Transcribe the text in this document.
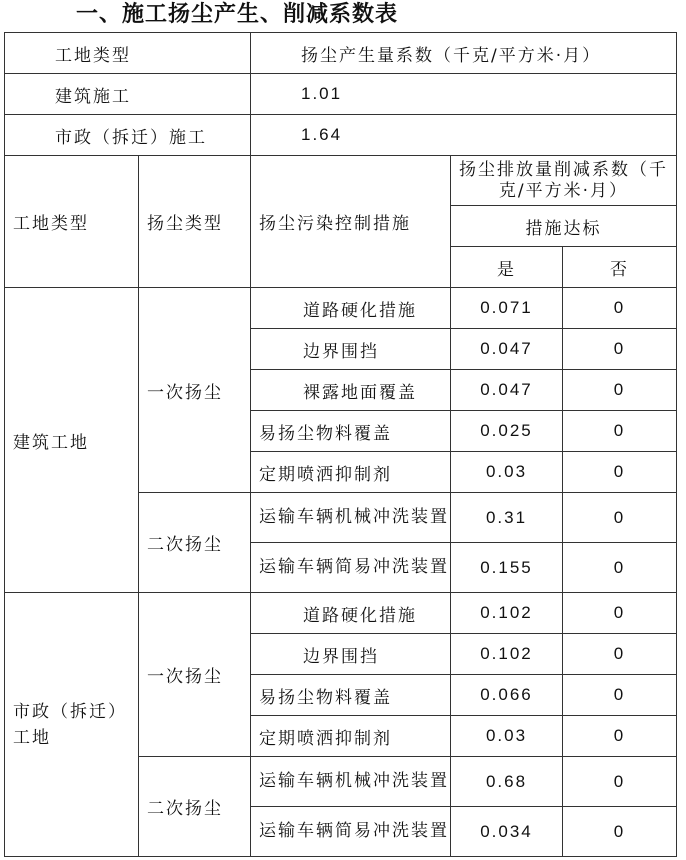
一、施工扬尘产生、削减系数表
工地类型		扬尘产生量系数（千克/平方米·月）		
建筑施工		1.01		
市政（拆迁）施工		1.64		
工地类型	扬尘类型	扬尘污染控制措施	扬尘排放量削减系数（千克/平方米·月）	
			措施达标	
			是	否
建筑工地	一次扬尘	道路硬化措施	0.071	0
		边界围挡	0.047	0
		裸露地面覆盖	0.047	0
		易扬尘物料覆盖	0.025	0
		定期喷洒抑制剂	0.03	0
	二次扬尘	运输车辆机械冲洗装置	0.31	0
		运输车辆简易冲洗装置	0.155	0
市政（拆迁）工地	一次扬尘	道路硬化措施	0.102	0
		边界围挡	0.102	0
		易扬尘物料覆盖	0.066	0
		定期喷洒抑制剂	0.03	0
	二次扬尘	运输车辆机械冲洗装置	0.68	0
		运输车辆简易冲洗装置	0.034	0
